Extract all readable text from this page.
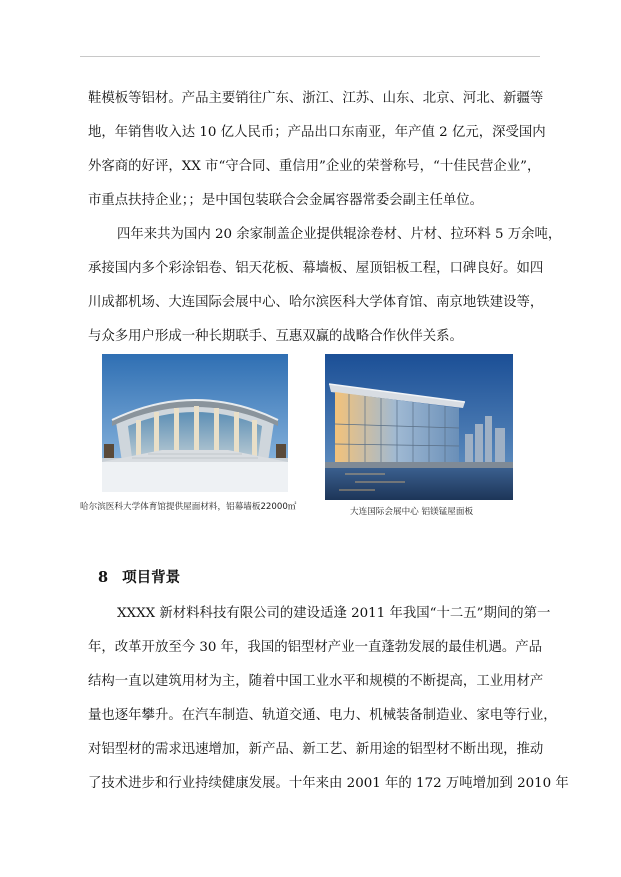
鞋模板等铝材。产品主要销往广东、浙江、江苏、山东、北京、河北、新疆等
地，年销售收入达 10 亿人民币；产品出口东南亚，年产值 2 亿元，深受国内
外客商的好评，XX 市“守合同、重信用”企业的荣誉称号，“十佳民营企业”，
市重点扶持企业；；是中国包装联合会金属容器常委会副主任单位。
四年来共为国内 20 余家制盖企业提供辊涂卷材、片材、拉环料 5 万余吨，
承接国内多个彩涂铝卷、铝天花板、幕墙板、屋顶铝板工程，口碑良好。如四
川成都机场、大连国际会展中心、哈尔滨医科大学体育馆、南京地铁建设等，
与众多用户形成一种长期联手、互惠双赢的战略合作伙伴关系。
哈尔滨医科大学体育馆提供屋面材料，铝幕墙板22000㎡	大连国际会展中心 铝镁锰屋面板
8 项目背景
XXXX 新材料科技有限公司的建设适逢 2011 年我国“十二五”期间的第一
年，改革开放至今 30 年，我国的铝型材产业一直蓬勃发展的最佳机遇。产品
结构一直以建筑用材为主，随着中国工业水平和规模的不断提高，工业用材产
量也逐年攀升。在汽车制造、轨道交通、电力、机械装备制造业、家电等行业，
对铝型材的需求迅速增加，新产品、新工艺、新用途的铝型材不断出现，推动
了技术进步和行业持续健康发展。十年来由 2001 年的 172 万吨增加到 2010 年
